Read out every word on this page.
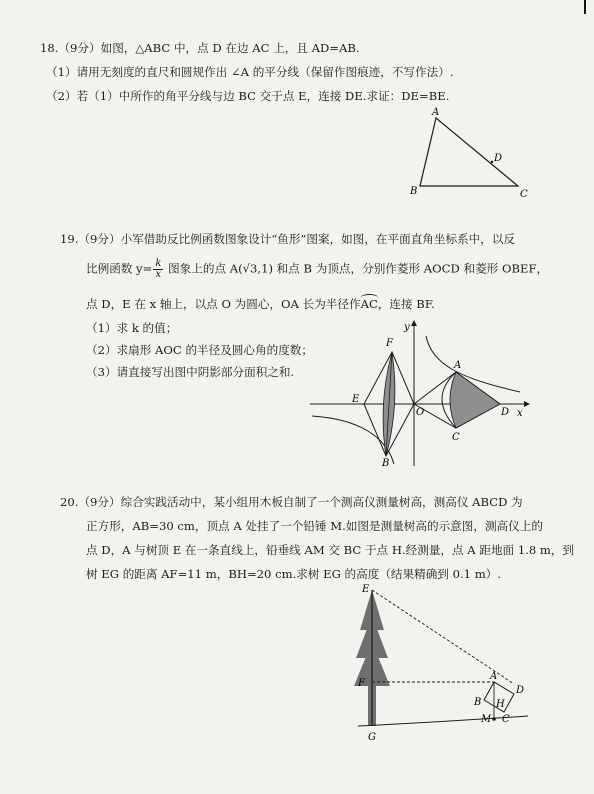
18.（9分）如图，△ABC 中，点 D 在边 AC 上，且 AD=AB.
（1）请用无刻度的直尺和圆规作出 ∠A 的平分线（保留作图痕迹，不写作法）.
（2）若（1）中所作的角平分线与边 BC 交于点 E，连接 DE.求证：DE=BE.
A
B	C
D
19.（9分）小军借助反比例函数图象设计“鱼形”图案，如图，在平面直角坐标系中，以反
比例函数 $y= \frac{k}{x}$ 图象上的点 A(√3,1) 和点 B 为顶点，分别作菱形 AOCD 和菱形 OBEF，
点 D，E 在 x 轴上，以点 O 为圆心，OA 长为半径作AC，连接 BF.
（1）求 k 的值；
（2）求扇形 AOC 的半径及圆心角的度数；
（3）请直接写出图中阴影部分面积之和.
F
y
A
E
O	D x
C
B
20.（9分）综合实践活动中，某小组用木板自制了一个测高仪测量树高，测高仪 ABCD 为
正方形，AB=30 cm，顶点 A 处挂了一个铅锤 M.如图是测量树高的示意图，测高仪上的
点 D，A 与树顶 E 在一条直线上，铅垂线 AM 交 BC 于点 H.经测量，点 A 距地面 1.8 m，到
树 EG 的距离 AF=11 m，BH=20 cm.求树 EG 的高度（结果精确到 0.1 m）.
E
F
G
A
B
D
H
M C
